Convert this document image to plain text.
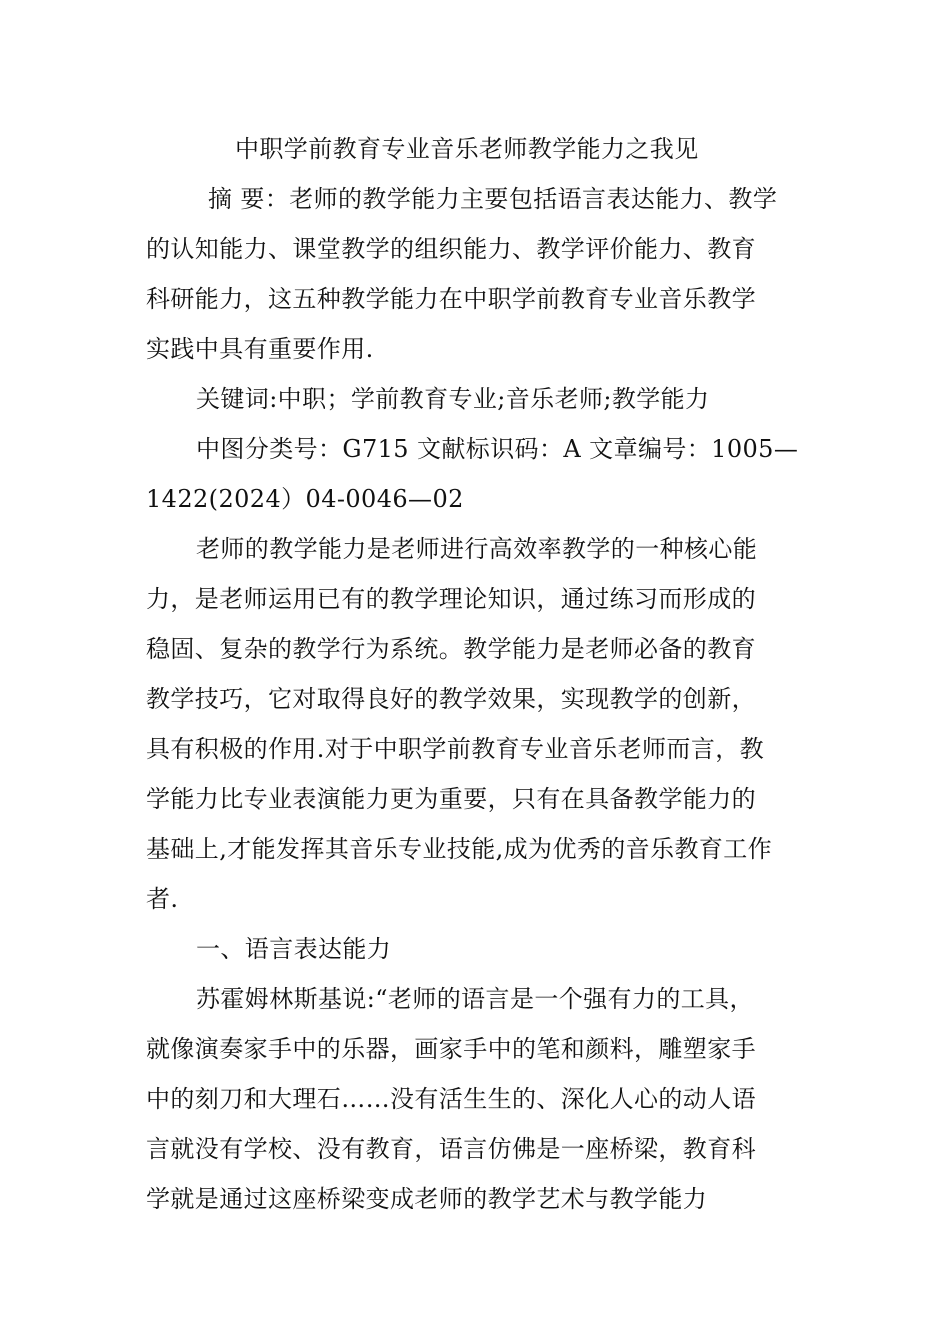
中职学前教育专业音乐老师教学能力之我见
摘 要：老师的教学能力主要包括语言表达能力、教学
的认知能力、课堂教学的组织能力、教学评价能力、教育
科研能力，这五种教学能力在中职学前教育专业音乐教学
实践中具有重要作用.
关键词:中职；学前教育专业;音乐老师;教学能力
中图分类号：G715 文献标识码：A 文章编号：1005—
1422(2024）04-0046—02
老师的教学能力是老师进行高效率教学的一种核心能
力，是老师运用已有的教学理论知识，通过练习而形成的
稳固、复杂的教学行为系统。教学能力是老师必备的教育
教学技巧，它对取得良好的教学效果，实现教学的创新，
具有积极的作用.对于中职学前教育专业音乐老师而言，教
学能力比专业表演能力更为重要，只有在具备教学能力的
基础上,才能发挥其音乐专业技能,成为优秀的音乐教育工作
者.
一、语言表达能力
苏霍姆林斯基说:“老师的语言是一个强有力的工具，
就像演奏家手中的乐器，画家手中的笔和颜料，雕塑家手
中的刻刀和大理石……没有活生生的、深化人心的动人语
言就没有学校、没有教育，语言仿佛是一座桥梁，教育科
学就是通过这座桥梁变成老师的教学艺术与教学能力
